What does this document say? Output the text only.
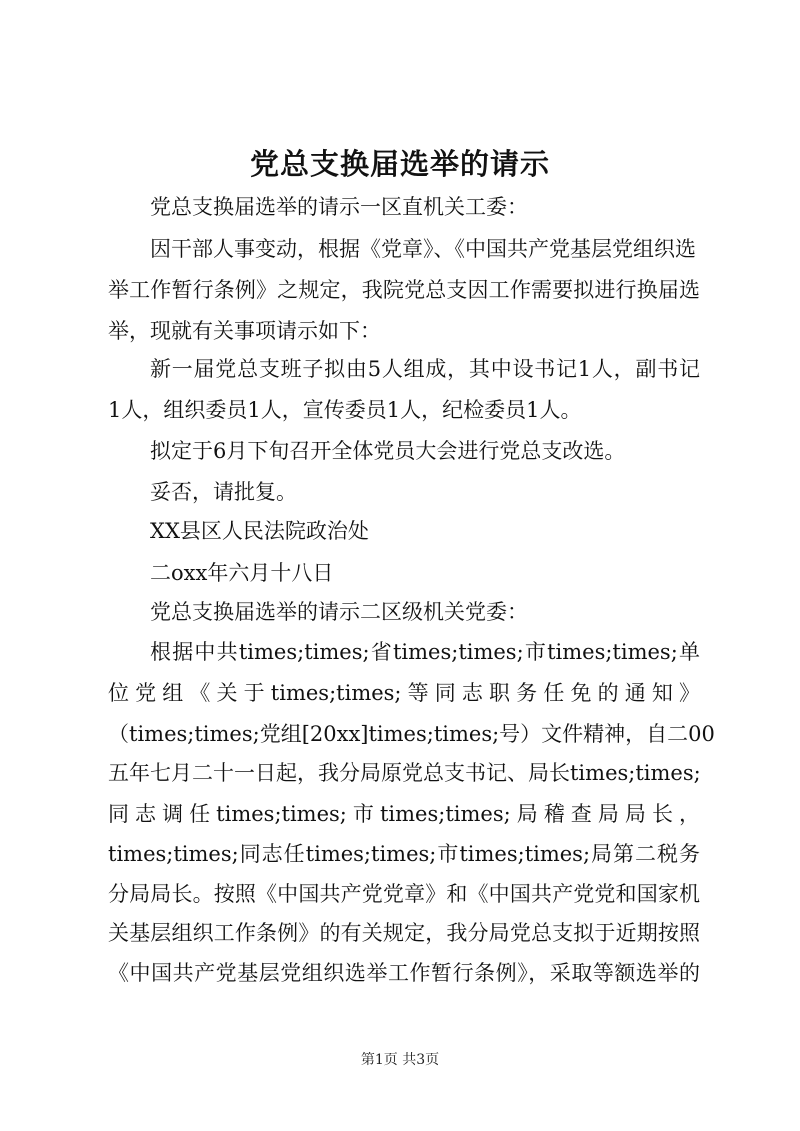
党总支换届选举的请示
党总支换届选举的请示一区直机关工委：
因干部人事变动，根据《党章》、《中国共产党基层党组织选
举工作暂行条例》之规定，我院党总支因工作需要拟进行换届选
举，现就有关事项请示如下：
新一届党总支班子拟由5人组成，其中设书记1人，副书记
1人，组织委员1人，宣传委员1人，纪检委员1人。
拟定于6月下旬召开全体党员大会进行党总支改选。
妥否，请批复。
XX县区人民法院政治处
二oxx年六月十八日
党总支换届选举的请示二区级机关党委：
根据中共times;times;省times;times;市times;times;单
位党组《关于times;times;等同志职务任免的通知》
（times;times;党组[20xx]times;times;号）文件精神，自二00
五年七月二十一日起，我分局原党总支书记、局长times;times;
同志调任times;times;市times;times;局稽查局局长，
times;times;同志任times;times;市times;times;局第二税务
分局局长。按照《中国共产党党章》和《中国共产党党和国家机
关基层组织工作条例》的有关规定，我分局党总支拟于近期按照
《中国共产党基层党组织选举工作暂行条例》，采取等额选举的
第1页 共3页
